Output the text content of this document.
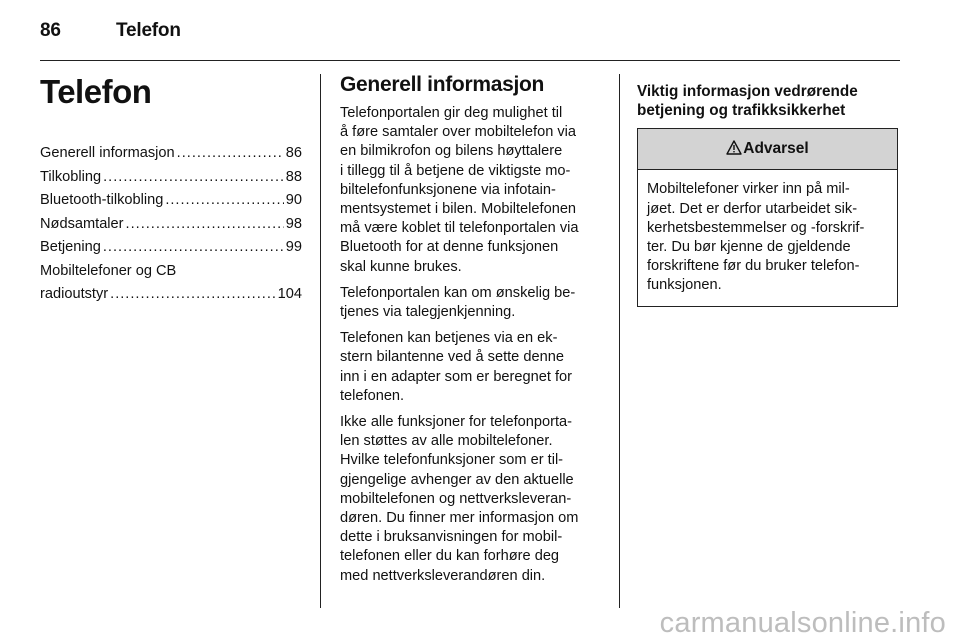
86	Telefon
Telefon
Generell informasjon .....	86
Tilkobling .....	88
Bluetooth-tilkobling .....	90
Nødsamtaler .....	98
Betjening .....	99
Mobiltelefoner og CB
radioutstyr .....	104
Generell informasjon

Telefonportalen gir deg mulighet til
å føre samtaler over mobiltelefon via
en bilmikrofon og bilens høyttalere
i tillegg til å betjene de viktigste mo-
biltelefonfunksjonene via infotain-
mentsystemet i bilen. Mobiltelefonen
må være koblet til telefonportalen via
Bluetooth for at denne funksjonen
skal kunne brukes.

Telefonportalen kan om ønskelig be-
tjenes via talegjenkjenning.

Telefonen kan betjenes via en ek-
stern bilantenne ved å sette denne
inn i en adapter som er beregnet for
telefonen.

Ikke alle funksjoner for telefonporta-
len støttes av alle mobiltelefoner.
Hvilke telefonfunksjoner som er til-
gjengelige avhenger av den aktuelle
mobiltelefonen og nettverksleveran-
døren. Du finner mer informasjon om
dette i bruksanvisningen for mobil-
telefonen eller du kan forhøre deg
med nettverksleverandøren din.

Viktig informasjon vedrørende
betjening og trafikksikkerhet
Advarsel
Mobiltelefoner virker inn på mil-
jøet. Det er derfor utarbeidet sik-
kerhetsbestemmelser og -forskrif-
ter. Du bør kjenne de gjeldende
forskriftene før du bruker telefon-
funksjonen.
carmanualsonline.info
